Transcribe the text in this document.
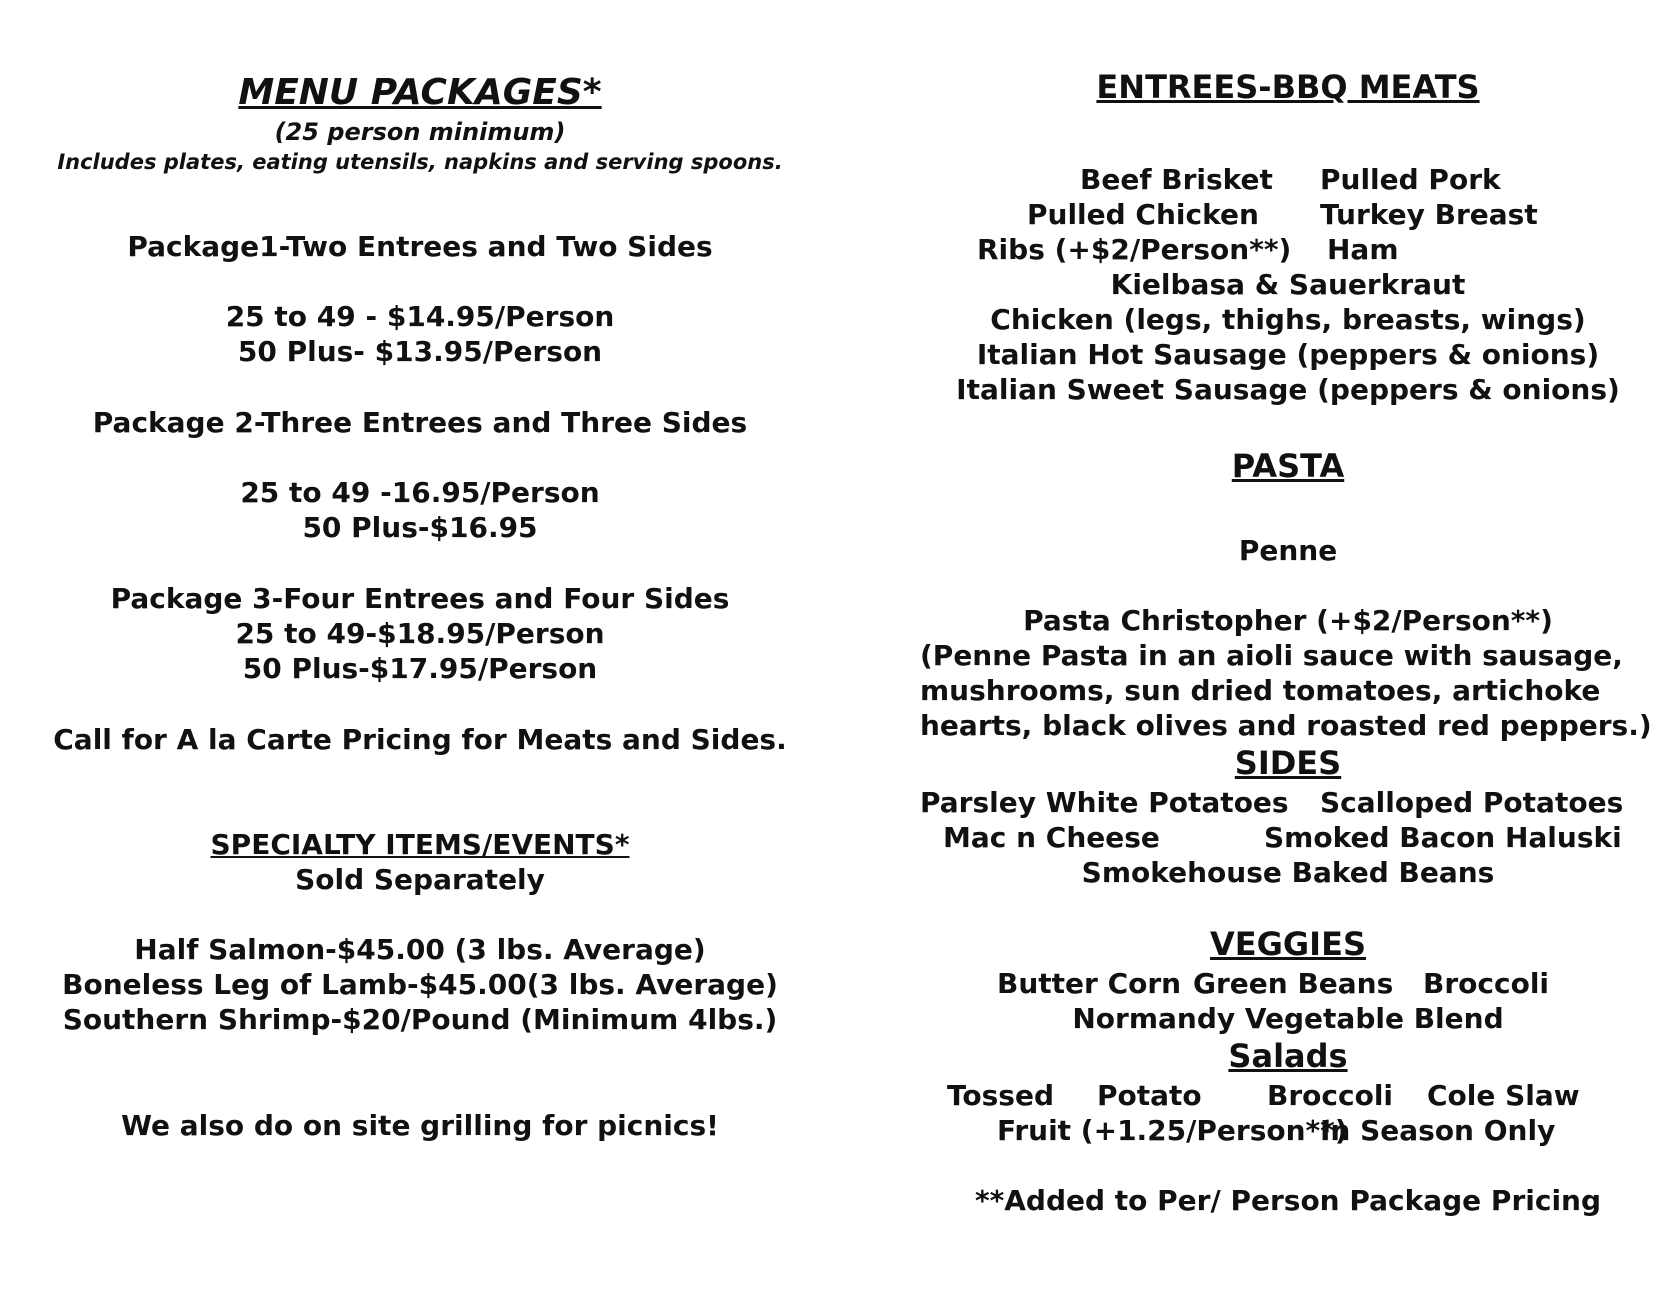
MENU PACKAGES*
(25 person minimum)
Includes plates, eating utensils, napkins and serving spoons.
Package1-Two Entrees and Two Sides
25 to 49 - $14.95/Person
50 Plus- $13.95/Person
Package 2-Three Entrees and Three Sides
25 to 49 -16.95/Person
50 Plus-$16.95
Package 3-Four Entrees and Four Sides
25 to 49-$18.95/Person
50 Plus-$17.95/Person
Call for A la Carte Pricing for Meats and Sides.
SPECIALTY ITEMS/EVENTS*
Sold Separately
Half Salmon-$45.00 (3 lbs. Average)
Boneless Leg of Lamb-$45.00(3 lbs. Average)
Southern Shrimp-$20/Pound (Minimum 4lbs.)
We also do on site grilling for picnics!
ENTREES-BBQ MEATS
Beef Brisket Pulled Pork
Pulled Chicken Turkey Breast
Ribs (+$2/Person**) Ham
Kielbasa & Sauerkraut
Chicken (legs, thighs, breasts, wings)
Italian Hot Sausage (peppers & onions)
Italian Sweet Sausage (peppers & onions)
PASTA
Penne
Pasta Christopher (+$2/Person**)
(Penne Pasta in an aioli sauce with sausage,
mushrooms, sun dried tomatoes, artichoke
hearts, black olives and roasted red peppers.)
SIDES
Parsley White Potatoes Scalloped Potatoes
Mac n Cheese	Smoked Bacon Haluski
Smokehouse Baked Beans
VEGGIES
Butter Corn Green Beans Broccoli
Normandy Vegetable Blend
Salads
Tossed Potato Broccoli Cole Slaw
Fruit (+1.25/Person**)
In Season Only
**Added to Per/ Person Package Pricing
